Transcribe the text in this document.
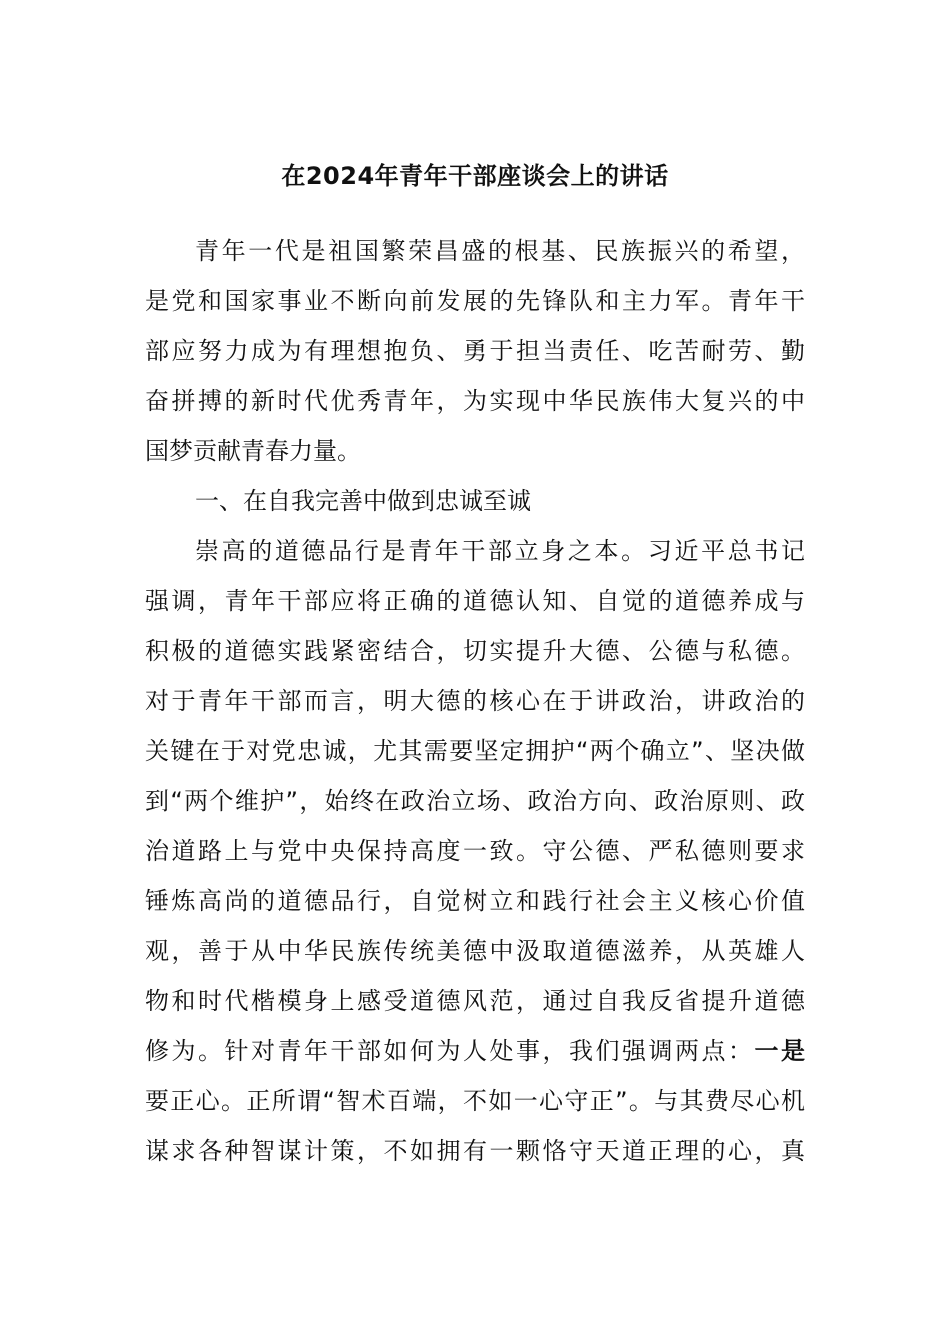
在2024年青年干部座谈会上的讲话
青年一代是祖国繁荣昌盛的根基、民族振兴的希望，
是党和国家事业不断向前发展的先锋队和主力军。青年干
部应努力成为有理想抱负、勇于担当责任、吃苦耐劳、勤
奋拼搏的新时代优秀青年，为实现中华民族伟大复兴的中
国梦贡献青春力量。
一、在自我完善中做到忠诚至诚
崇高的道德品行是青年干部立身之本。习近平总书记
强调，青年干部应将正确的道德认知、自觉的道德养成与
积极的道德实践紧密结合，切实提升大德、公德与私德。
对于青年干部而言，明大德的核心在于讲政治，讲政治的
关键在于对党忠诚，尤其需要坚定拥护“两个确立”、坚决做
到“两个维护”，始终在政治立场、政治方向、政治原则、政
治道路上与党中央保持高度一致。守公德、严私德则要求
锤炼高尚的道德品行，自觉树立和践行社会主义核心价值
观，善于从中华民族传统美德中汲取道德滋养，从英雄人
物和时代楷模身上感受道德风范，通过自我反省提升道德
修为。针对青年干部如何为人处事，我们强调两点：一是
要正心。正所谓“智术百端，不如一心守正”。与其费尽心机
谋求各种智谋计策，不如拥有一颗恪守天道正理的心，真
